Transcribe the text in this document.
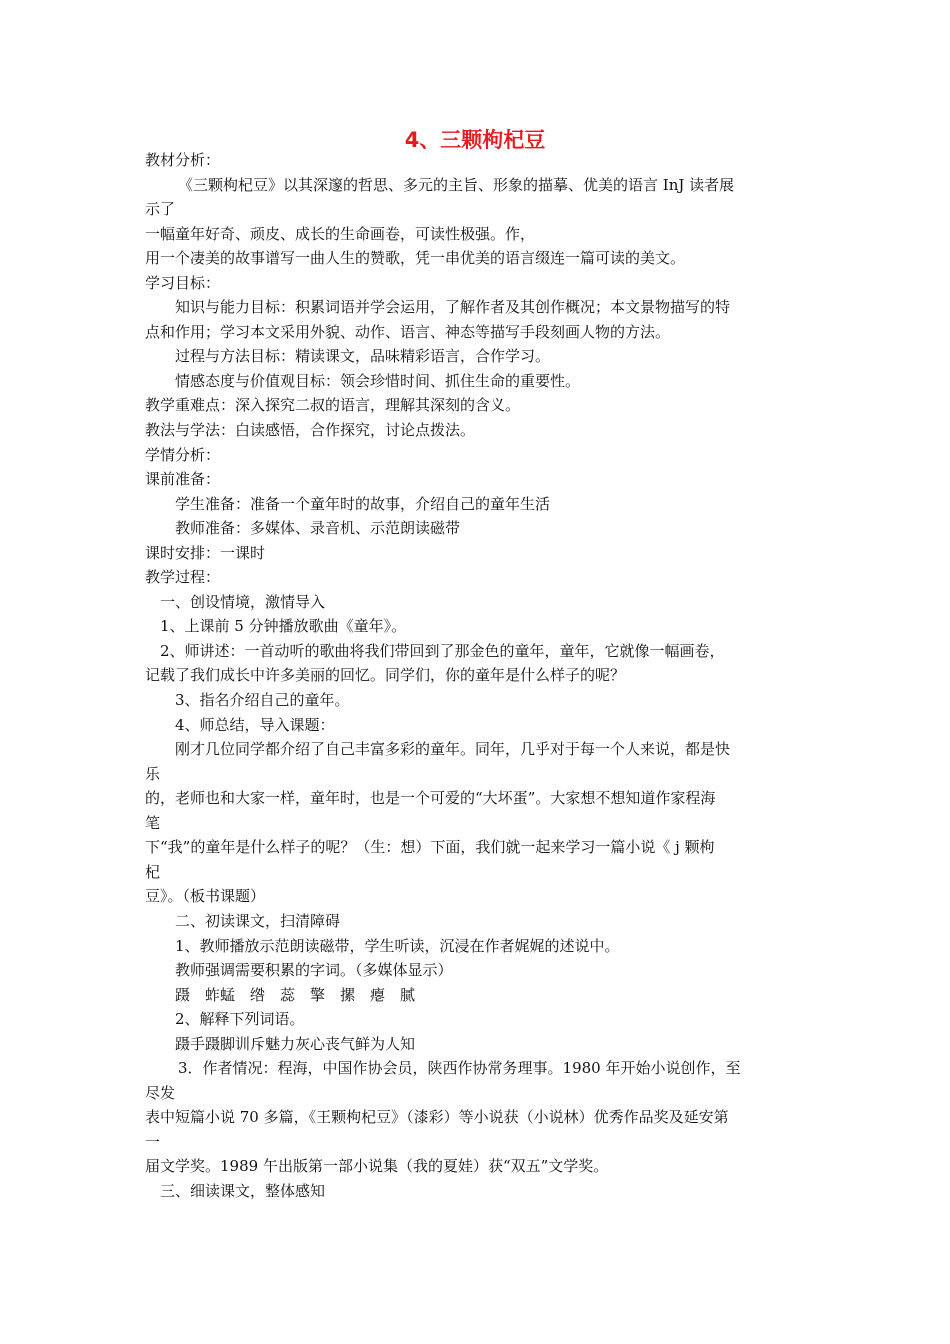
4、三颗枸杞豆
教材分析：
《三颗枸杞豆》以其深邃的哲思、多元的主旨、形象的描摹、优美的语言 InJ 读者展
示了
一幅童年好奇、顽皮、成长的生命画卷，可读性极强。作，
用一个凄美的故事谱写一曲人生的赞歌，凭一串优美的语言缀连一篇可读的美文。
学习目标：
知识与能力目标：积累词语并学会运用，了解作者及其创作概况；本文景物描写的特
点和作用；学习本文采用外貌、动作、语言、神态等描写手段刻画人物的方法。
过程与方法目标：精读课文，品味精彩语言，合作学习。
情感态度与价值观目标：领会珍惜时间、抓住生命的重要性。
教学重难点：深入探究二叔的语言，理解其深刻的含义。
教法与学法：白读感悟，合作探究，讨论点拨法。
学情分析：
课前准备：
学生准备：准备一个童年时的故事，介绍自己的童年生活
教师准备：多媒体、录音机、示范朗读磁带
课时安排：一课时
教学过程：
一、创设情境，激情导入
1、上课前 5 分钟播放歌曲《童年》。
2、师讲述：一首动听的歌曲将我们带回到了那金色的童年，童年，它就像一幅画卷，
记载了我们成长中许多美丽的回忆。同学们，你的童年是什么样子的呢？
3、指名介绍自己的童年。
4、师总结，导入课题：
刚才几位同学都介绍了自己丰富多彩的童年。同年，几乎对于每一个人来说，都是快
乐
的，老师也和大家一样，童年时，也是一个可爱的“大坏蛋”。大家想不想知道作家程海
笔
下“我”的童年是什么样子的呢？（生：想）下面，我们就一起来学习一篇小说《 j 颗枸
杞
豆》。（板书课题）
二、初读课文，扫清障碍
1、教师播放示范朗读磁带，学生听读，沉浸在作者娓娓的述说中。
教师强调需要积累的字词。（多媒体显示）
蹑　蚱蜢　绺　蕊　擎　摞　瘪　腻
2、解释下列词语。
蹑手蹑脚训斥魅力灰心丧气鲜为人知
3．作者情况：程海，中国作协会员，陕西作协常务理事。1980 年开始小说创作，至
尽发
表中短篇小说 70 多篇，《王颗枸杞豆》（漆彩）等小说获（小说林）优秀作品奖及延安第
一
届文学奖。1989 午出版第一部小说集（我的夏娃）获“双五”文学奖。
三、细读课文，整体感知
